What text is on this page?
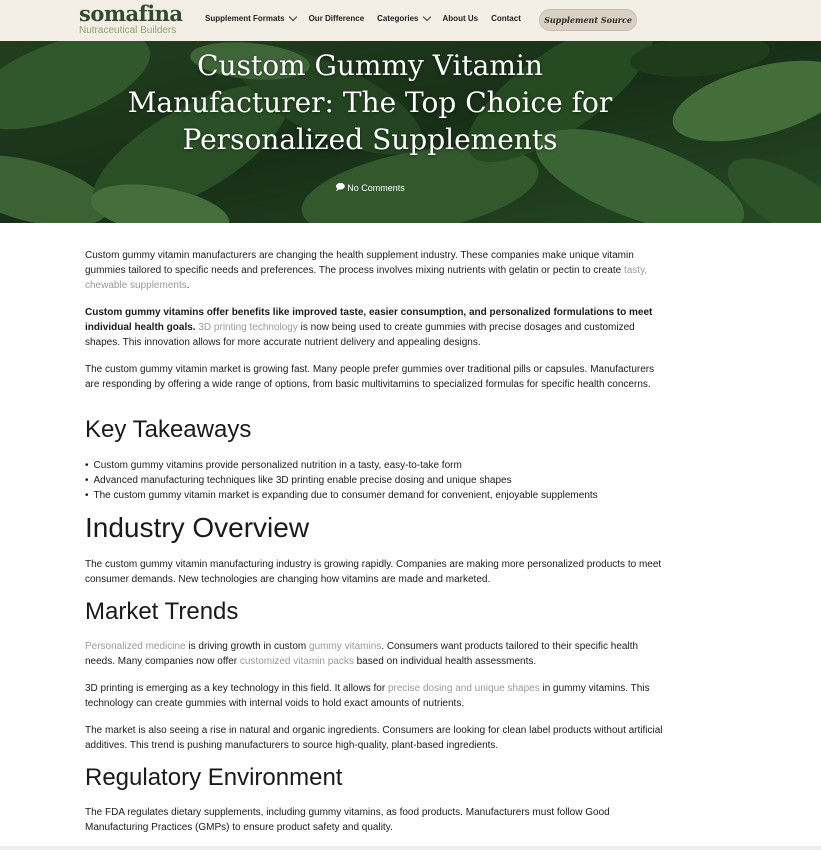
somafina
Nutraceutical Builders
Supplement Formats	Our Difference Categories	About Us Contact	Supplement Source
Custom Gummy Vitamin Manufacturer: The Top Choice for Personalized Supplements
🗩 No Comments

Custom gummy vitamin manufacturers are changing the health supplement industry. These companies make unique vitamin gummies tailored to specific needs and preferences. The process involves mixing nutrients with gelatin or pectin to create tasty, chewable supplements.

Custom gummy vitamins offer benefits like improved taste, easier consumption, and personalized formulations to meet individual health goals. 3D printing technology is now being used to create gummies with precise dosages and customized shapes. This innovation allows for more accurate nutrient delivery and appealing designs.

The custom gummy vitamin market is growing fast. Many people prefer gummies over traditional pills or capsules. Manufacturers are responding by offering a wide range of options, from basic multivitamins to specialized formulas for specific health concerns.

Key Takeaways
• Custom gummy vitamins provide personalized nutrition in a tasty, easy-to-take form
• Advanced manufacturing techniques like 3D printing enable precise dosing and unique shapes
• The custom gummy vitamin market is expanding due to consumer demand for convenient, enjoyable supplements
Industry Overview

The custom gummy vitamin manufacturing industry is growing rapidly. Companies are making more personalized products to meet consumer demands. New technologies are changing how vitamins are made and marketed.

Market Trends

Personalized medicine is driving growth in custom gummy vitamins. Consumers want products tailored to their specific health needs. Many companies now offer customized vitamin packs based on individual health assessments.

3D printing is emerging as a key technology in this field. It allows for precise dosing and unique shapes in gummy vitamins. This technology can create gummies with internal voids to hold exact amounts of nutrients.

The market is also seeing a rise in natural and organic ingredients. Consumers are looking for clean label products without artificial additives. This trend is pushing manufacturers to source high-quality, plant-based ingredients.

Regulatory Environment

The FDA regulates dietary supplements, including gummy vitamins, as food products. Manufacturers must follow Good Manufacturing Practices (GMPs) to ensure product safety and quality.
